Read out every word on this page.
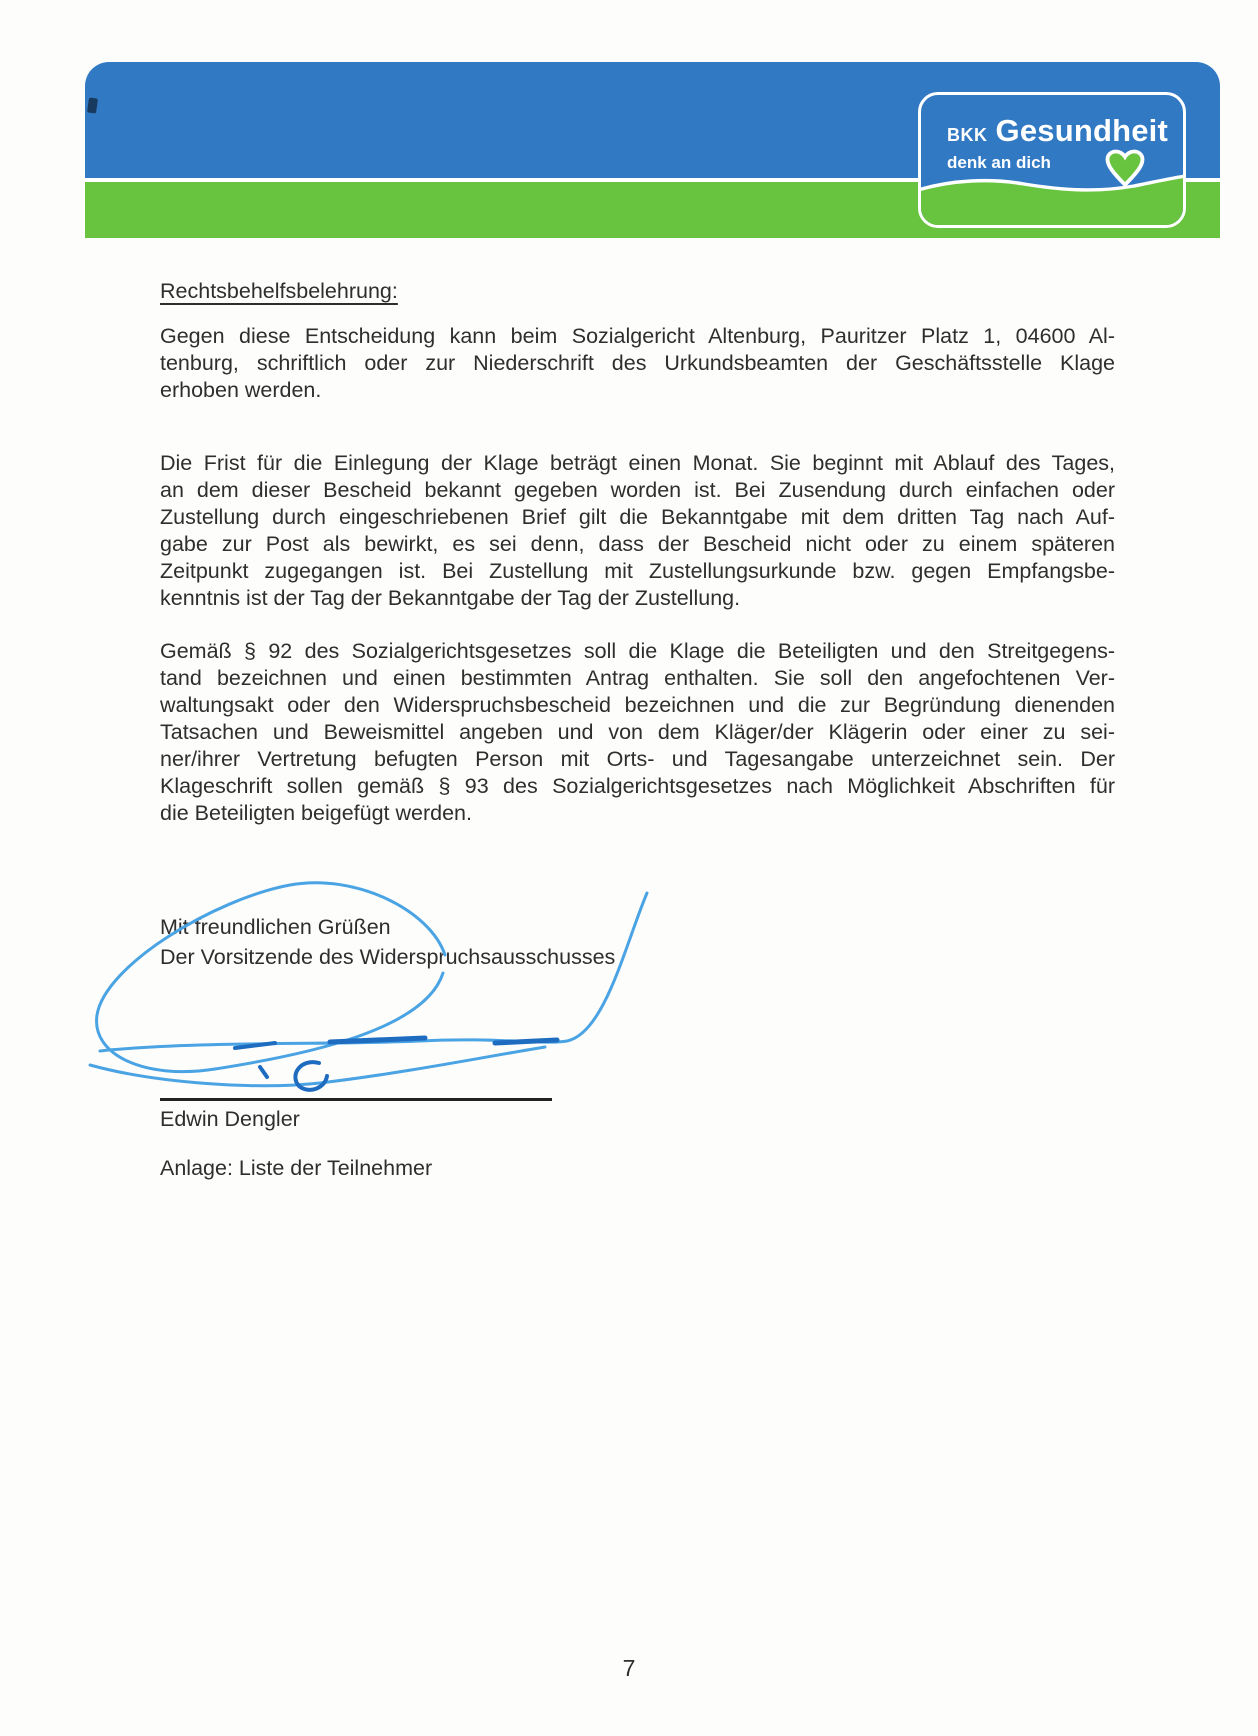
BKK Gesundheit
denk an dich
Rechtsbehelfsbelehrung:
Gegen diese Entscheidung kann beim Sozialgericht Altenburg, Pauritzer Platz 1, 04600 Al-
tenburg, schriftlich oder zur Niederschrift des Urkundsbeamten der Geschäftsstelle Klage
erhoben werden.
Die Frist für die Einlegung der Klage beträgt einen Monat. Sie beginnt mit Ablauf des Tages,
an dem dieser Bescheid bekannt gegeben worden ist. Bei Zusendung durch einfachen oder
Zustellung durch eingeschriebenen Brief gilt die Bekanntgabe mit dem dritten Tag nach Auf-
gabe zur Post als bewirkt, es sei denn, dass der Bescheid nicht oder zu einem späteren
Zeitpunkt zugegangen ist. Bei Zustellung mit Zustellungsurkunde bzw. gegen Empfangsbe-
kenntnis ist der Tag der Bekanntgabe der Tag der Zustellung.
Gemäß § 92 des Sozialgerichtsgesetzes soll die Klage die Beteiligten und den Streitgegens-
tand bezeichnen und einen bestimmten Antrag enthalten. Sie soll den angefochtenen Ver-
waltungsakt oder den Widerspruchsbescheid bezeichnen und die zur Begründung dienenden
Tatsachen und Beweismittel angeben und von dem Kläger/der Klägerin oder einer zu sei-
ner/ihrer Vertretung befugten Person mit Orts- und Tagesangabe unterzeichnet sein. Der
Klageschrift sollen gemäß § 93 des Sozialgerichtsgesetzes nach Möglichkeit Abschriften für
die Beteiligten beigefügt werden.
Mit freundlichen Grüßen
Der Vorsitzende des Widerspruchsausschusses
Edwin Dengler
Anlage: Liste der Teilnehmer
7
